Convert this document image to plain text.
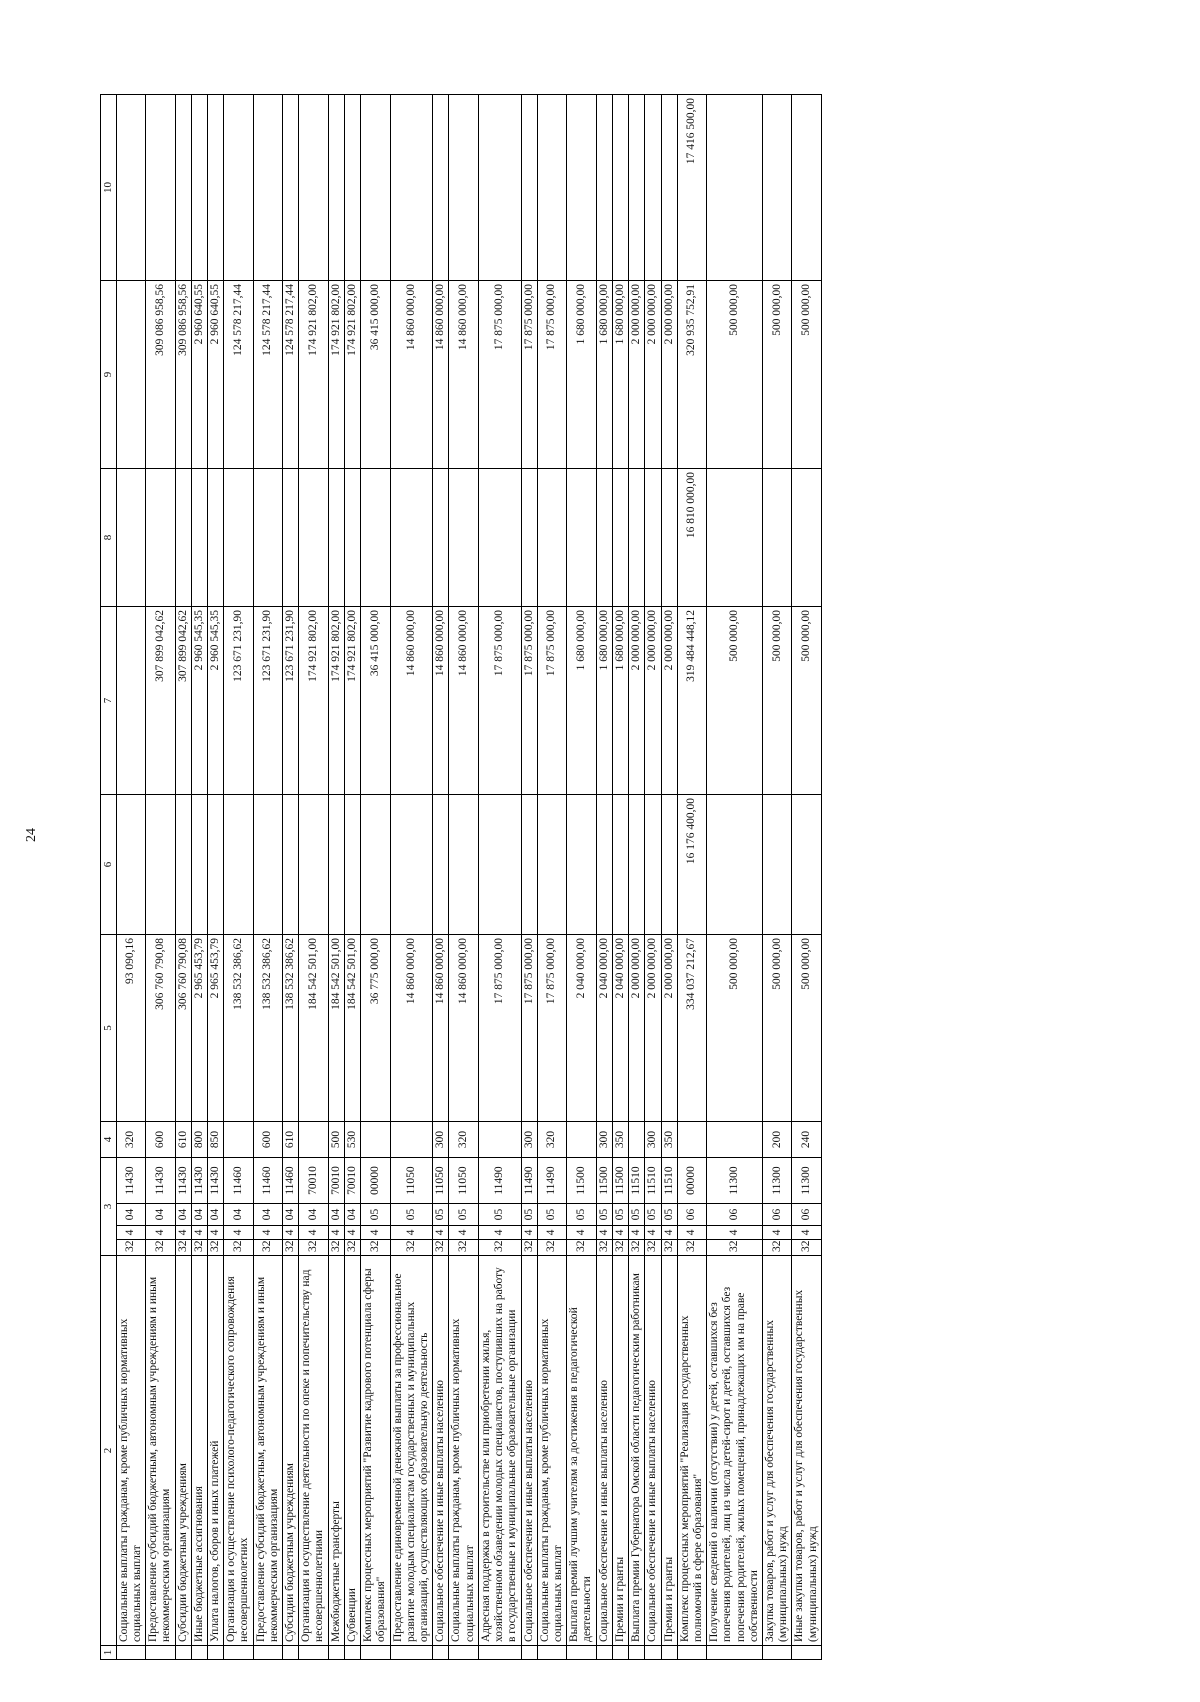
24
1	2	3				4	5	6	7	8	9	10
	Социальные выплаты гражданам, кроме публичных нормативных социальных выплат	32	4	04	11430	320	93 090,16					
	Предоставление субсидий бюджетным, автономным учреждениям и иным некоммерческим организациям	32	4	04	11430	600	306 760 790,08		307 899 042,62		309 086 958,56	
	Субсидии бюджетным учреждениям	32	4	04	11430	610	306 760 790,08		307 899 042,62		309 086 958,56	
	Иные бюджетные ассигнования	32	4	04	11430	800	2 965 453,79		2 960 545,35		2 960 640,55	
	Уплата налогов, сборов и иных платежей	32	4	04	11430	850	2 965 453,79		2 960 545,35		2 960 640,55	
	Организация и осуществление психолого-педагогического сопровождения несовершеннолетних	32	4	04	11460		138 532 386,62		123 671 231,90		124 578 217,44	
	Предоставление субсидий бюджетным, автономным учреждениям и иным некоммерческим организациям	32	4	04	11460	600	138 532 386,62		123 671 231,90		124 578 217,44	
	Субсидии бюджетным учреждениям	32	4	04	11460	610	138 532 386,62		123 671 231,90		124 578 217,44	
	Организация и осуществление деятельности по опеке и попечительству над несовершеннолетними	32	4	04	70010		184 542 501,00		174 921 802,00		174 921 802,00	
	Межбюджетные трансферты	32	4	04	70010	500	184 542 501,00		174 921 802,00		174 921 802,00	
	Субвенции	32	4	04	70010	530	184 542 501,00		174 921 802,00		174 921 802,00	
	Комплекс процессных мероприятий "Развитие кадрового потенциала сферы образования"	32	4	05	00000		36 775 000,00		36 415 000,00		36 415 000,00	
	Предоставление единовременной денежной выплаты за профессиональное развитие молодым специалистам государственных и муниципальных организаций, осуществляющих образовательную деятельность	32	4	05	11050		14 860 000,00		14 860 000,00		14 860 000,00	
	Социальное обеспечение и иные выплаты населению	32	4	05	11050	300	14 860 000,00		14 860 000,00		14 860 000,00	
	Социальные выплаты гражданам, кроме публичных нормативных социальных выплат	32	4	05	11050	320	14 860 000,00		14 860 000,00		14 860 000,00	
	Адресная поддержка в строительстве или приобретении жилья, хозяйственном обзаведении молодых специалистов, поступивших на работу в государственные и муниципальные образовательные организации	32	4	05	11490		17 875 000,00		17 875 000,00		17 875 000,00	
	Социальное обеспечение и иные выплаты населению	32	4	05	11490	300	17 875 000,00		17 875 000,00		17 875 000,00	
	Социальные выплаты гражданам, кроме публичных нормативных социальных выплат	32	4	05	11490	320	17 875 000,00		17 875 000,00		17 875 000,00	
	Выплата премий лучшим учителям за достижения в педагогической деятельности	32	4	05	11500		2 040 000,00		1 680 000,00		1 680 000,00	
	Социальное обеспечение и иные выплаты населению	32	4	05	11500	300	2 040 000,00		1 680 000,00		1 680 000,00	
	Премии и гранты	32	4	05	11500	350	2 040 000,00		1 680 000,00		1 680 000,00	
	Выплата премии Губернатора Омской области педагогическим работникам	32	4	05	11510		2 000 000,00		2 000 000,00		2 000 000,00	
	Социальное обеспечение и иные выплаты населению	32	4	05	11510	300	2 000 000,00		2 000 000,00		2 000 000,00	
	Премии и гранты	32	4	05	11510	350	2 000 000,00		2 000 000,00		2 000 000,00	
	Комплекс процессных мероприятий "Реализация государственных полномочий в сфере образования"	32	4	06	00000		334 037 212,67	16 176 400,00	319 484 448,12	16 810 000,00	320 935 752,91	17 416 500,00
	Получение сведений о наличии (отсутствии) у детей, оставшихся без попечения родителей, лиц из числа детей-сирот и детей, оставшихся без попечения родителей, жилых помещений, принадлежащих им на праве собственности	32	4	06	11300		500 000,00		500 000,00		500 000,00	
	Закупка товаров, работ и услуг для обеспечения государственных (муниципальных) нужд	32	4	06	11300	200	500 000,00		500 000,00		500 000,00	
	Иные закупки товаров, работ и услуг для обеспечения государственных (муниципальных) нужд	32	4	06	11300	240	500 000,00		500 000,00		500 000,00	
